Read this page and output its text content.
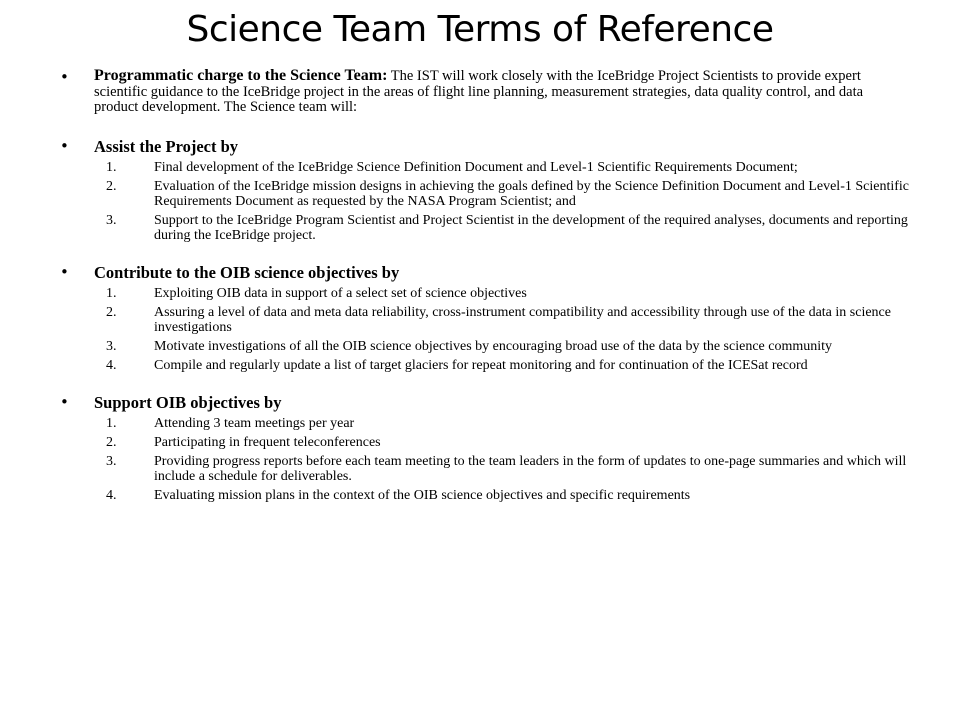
Science Team Terms of Reference
• Programmatic charge to the Science Team: The IST will work closely with the IceBridge Project Scientists to provide expert scientific guidance to the IceBridge project in the areas of flight line planning, measurement strategies, data quality control, and data product development. The Science team will:
• Assist the Project by
1.	Final development of the IceBridge Science Definition Document and Level-1 Scientific Requirements Document;
2.	Evaluation of the IceBridge mission designs in achieving the goals defined by the Science Definition Document and Level-1 Scientific Requirements Document as requested by the NASA Program Scientist; and
3.	Support to the IceBridge Program Scientist and Project Scientist in the development of the required analyses, documents and reporting during the IceBridge project.
• Contribute to the OIB science objectives by
1.	Exploiting OIB data in support of a select set of science objectives
2.	Assuring a level of data and meta data reliability, cross-instrument compatibility and accessibility through use of the data in science investigations
3.	Motivate investigations of all the OIB science objectives by encouraging broad use of the data by the science community
4.	Compile and regularly update a list of target glaciers for repeat monitoring and for continuation of the ICESat record
• Support OIB objectives by
1.	Attending 3 team meetings per year
2.	Participating in frequent teleconferences
3.	Providing progress reports before each team meeting to the team leaders in the form of updates to one-page summaries and which will include a schedule for deliverables.
4.	Evaluating mission plans in the context of the OIB science objectives and specific requirements
